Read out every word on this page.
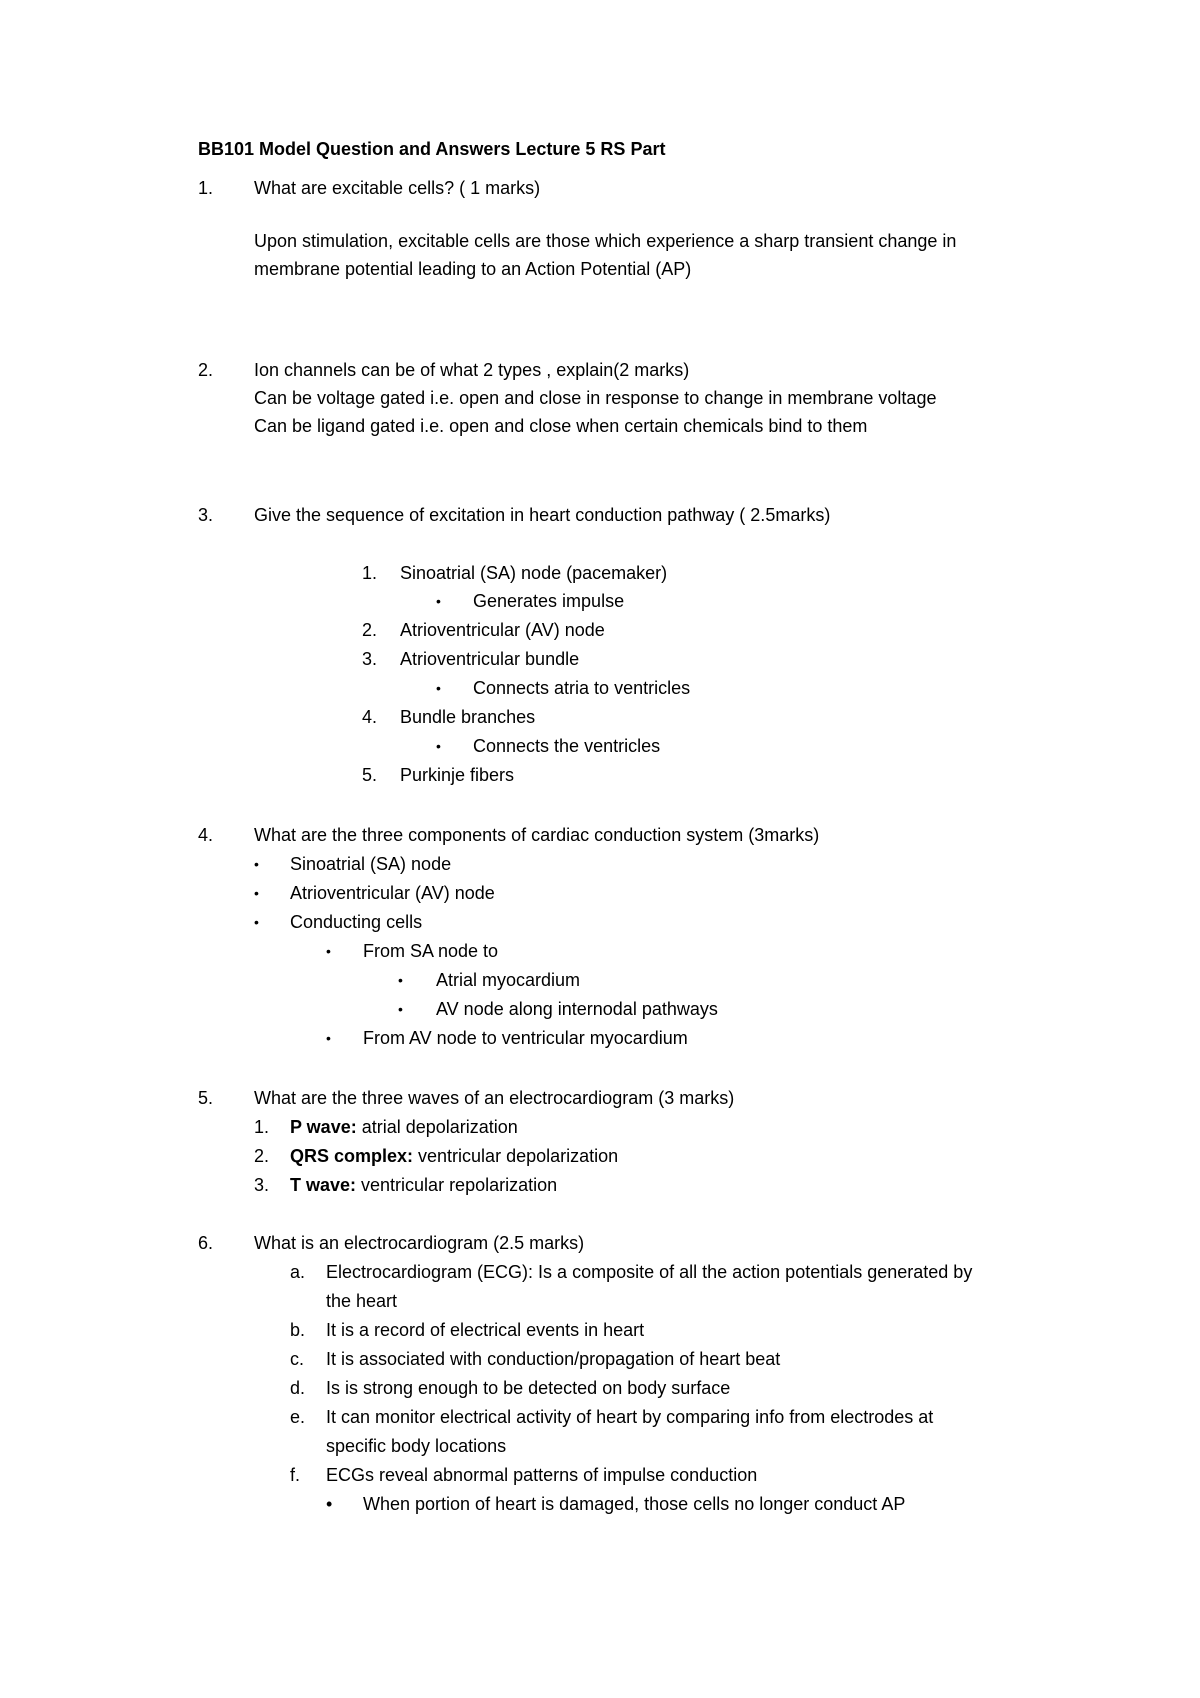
BB101 Model Question and Answers Lecture 5 RS Part
1. What are excitable cells? ( 1 marks)
Upon stimulation, excitable cells are those which experience a sharp transient change in
membrane potential leading to an Action Potential (AP)
2. Ion channels can be of what 2 types , explain(2 marks)
Can be voltage gated i.e. open and close in response to change in membrane voltage
Can be ligand gated i.e. open and close when certain chemicals bind to them
3. Give the sequence of excitation in heart conduction pathway ( 2.5marks)
1. Sinoatrial (SA) node (pacemaker)
• Generates impulse
2. Atrioventricular (AV) node
3. Atrioventricular bundle
• Connects atria to ventricles
4. Bundle branches
• Connects the ventricles
5. Purkinje fibers
4. What are the three components of cardiac conduction system (3marks)
• Sinoatrial (SA) node
• Atrioventricular (AV) node
• Conducting cells
• From SA node to
• Atrial myocardium
• AV node along internodal pathways
• From AV node to ventricular myocardium
5. What are the three waves of an electrocardiogram (3 marks)
1. P wave: atrial depolarization
2. QRS complex: ventricular depolarization
3. T wave: ventricular repolarization
6. What is an electrocardiogram (2.5 marks)
a. Electrocardiogram (ECG): Is a composite of all the action potentials generated by
the heart
b. It is a record of electrical events in heart
c. It is associated with conduction/propagation of heart beat
d. Is is strong enough to be detected on body surface
e. It can monitor electrical activity of heart by comparing info from electrodes at
specific body locations
f. ECGs reveal abnormal patterns of impulse conduction
• When portion of heart is damaged, those cells no longer conduct AP
